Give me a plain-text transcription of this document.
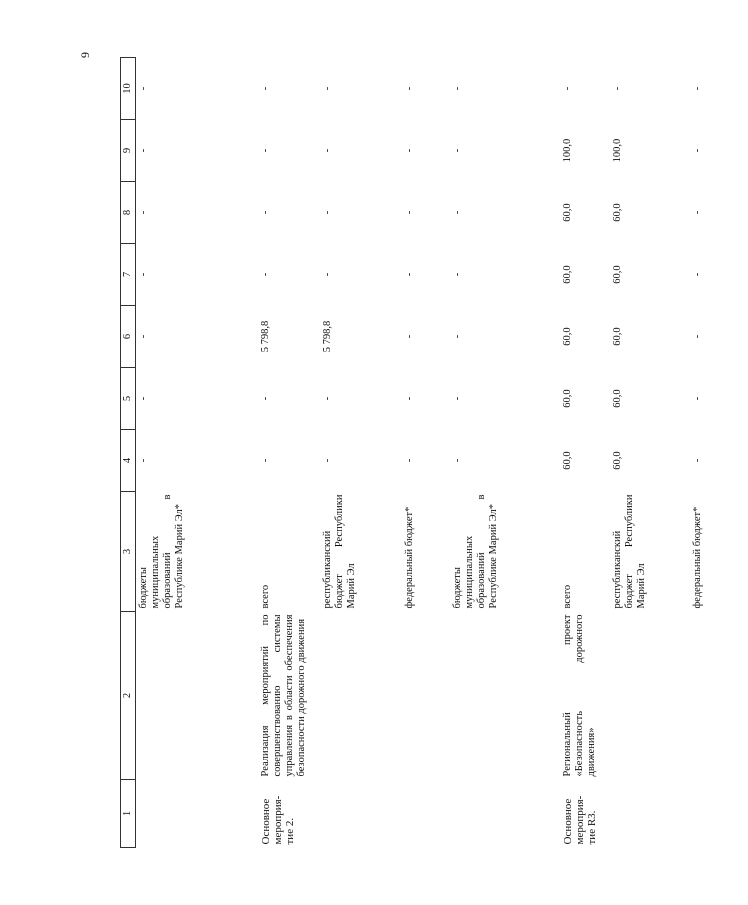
9
1	2	3	4	5	6	7	8	9	10
		бюджеты муниципальных образований в Республике Марий Эл*	-	-	-	-	-	-	-
Основное мероприя-тие 2.	Реализация мероприятий по совершенствованию системы управления в области обеспечения безопасности дорожного движения	всего	-	-	5 798,8	-	-	-	-
		республиканский бюджет Республики Марий Эл	-	-	5 798,8	-	-	-	-
		федеральный бюджет*	-	-	-	-	-	-	-
		бюджеты муниципальных образований в Республике Марий Эл*	-	-	-	-	-	-	-
Основное мероприя-тие R3.	Региональный проект «Безопасность дорожного движения»	всего	60,0	60,0	60,0	60,0	60,0	100,0	-
		республиканский бюджет Республики Марий Эл	60,0	60,0	60,0	60,0	60,0	100,0	-
		федеральный бюджет*	-	-	-	-	-	-	-
